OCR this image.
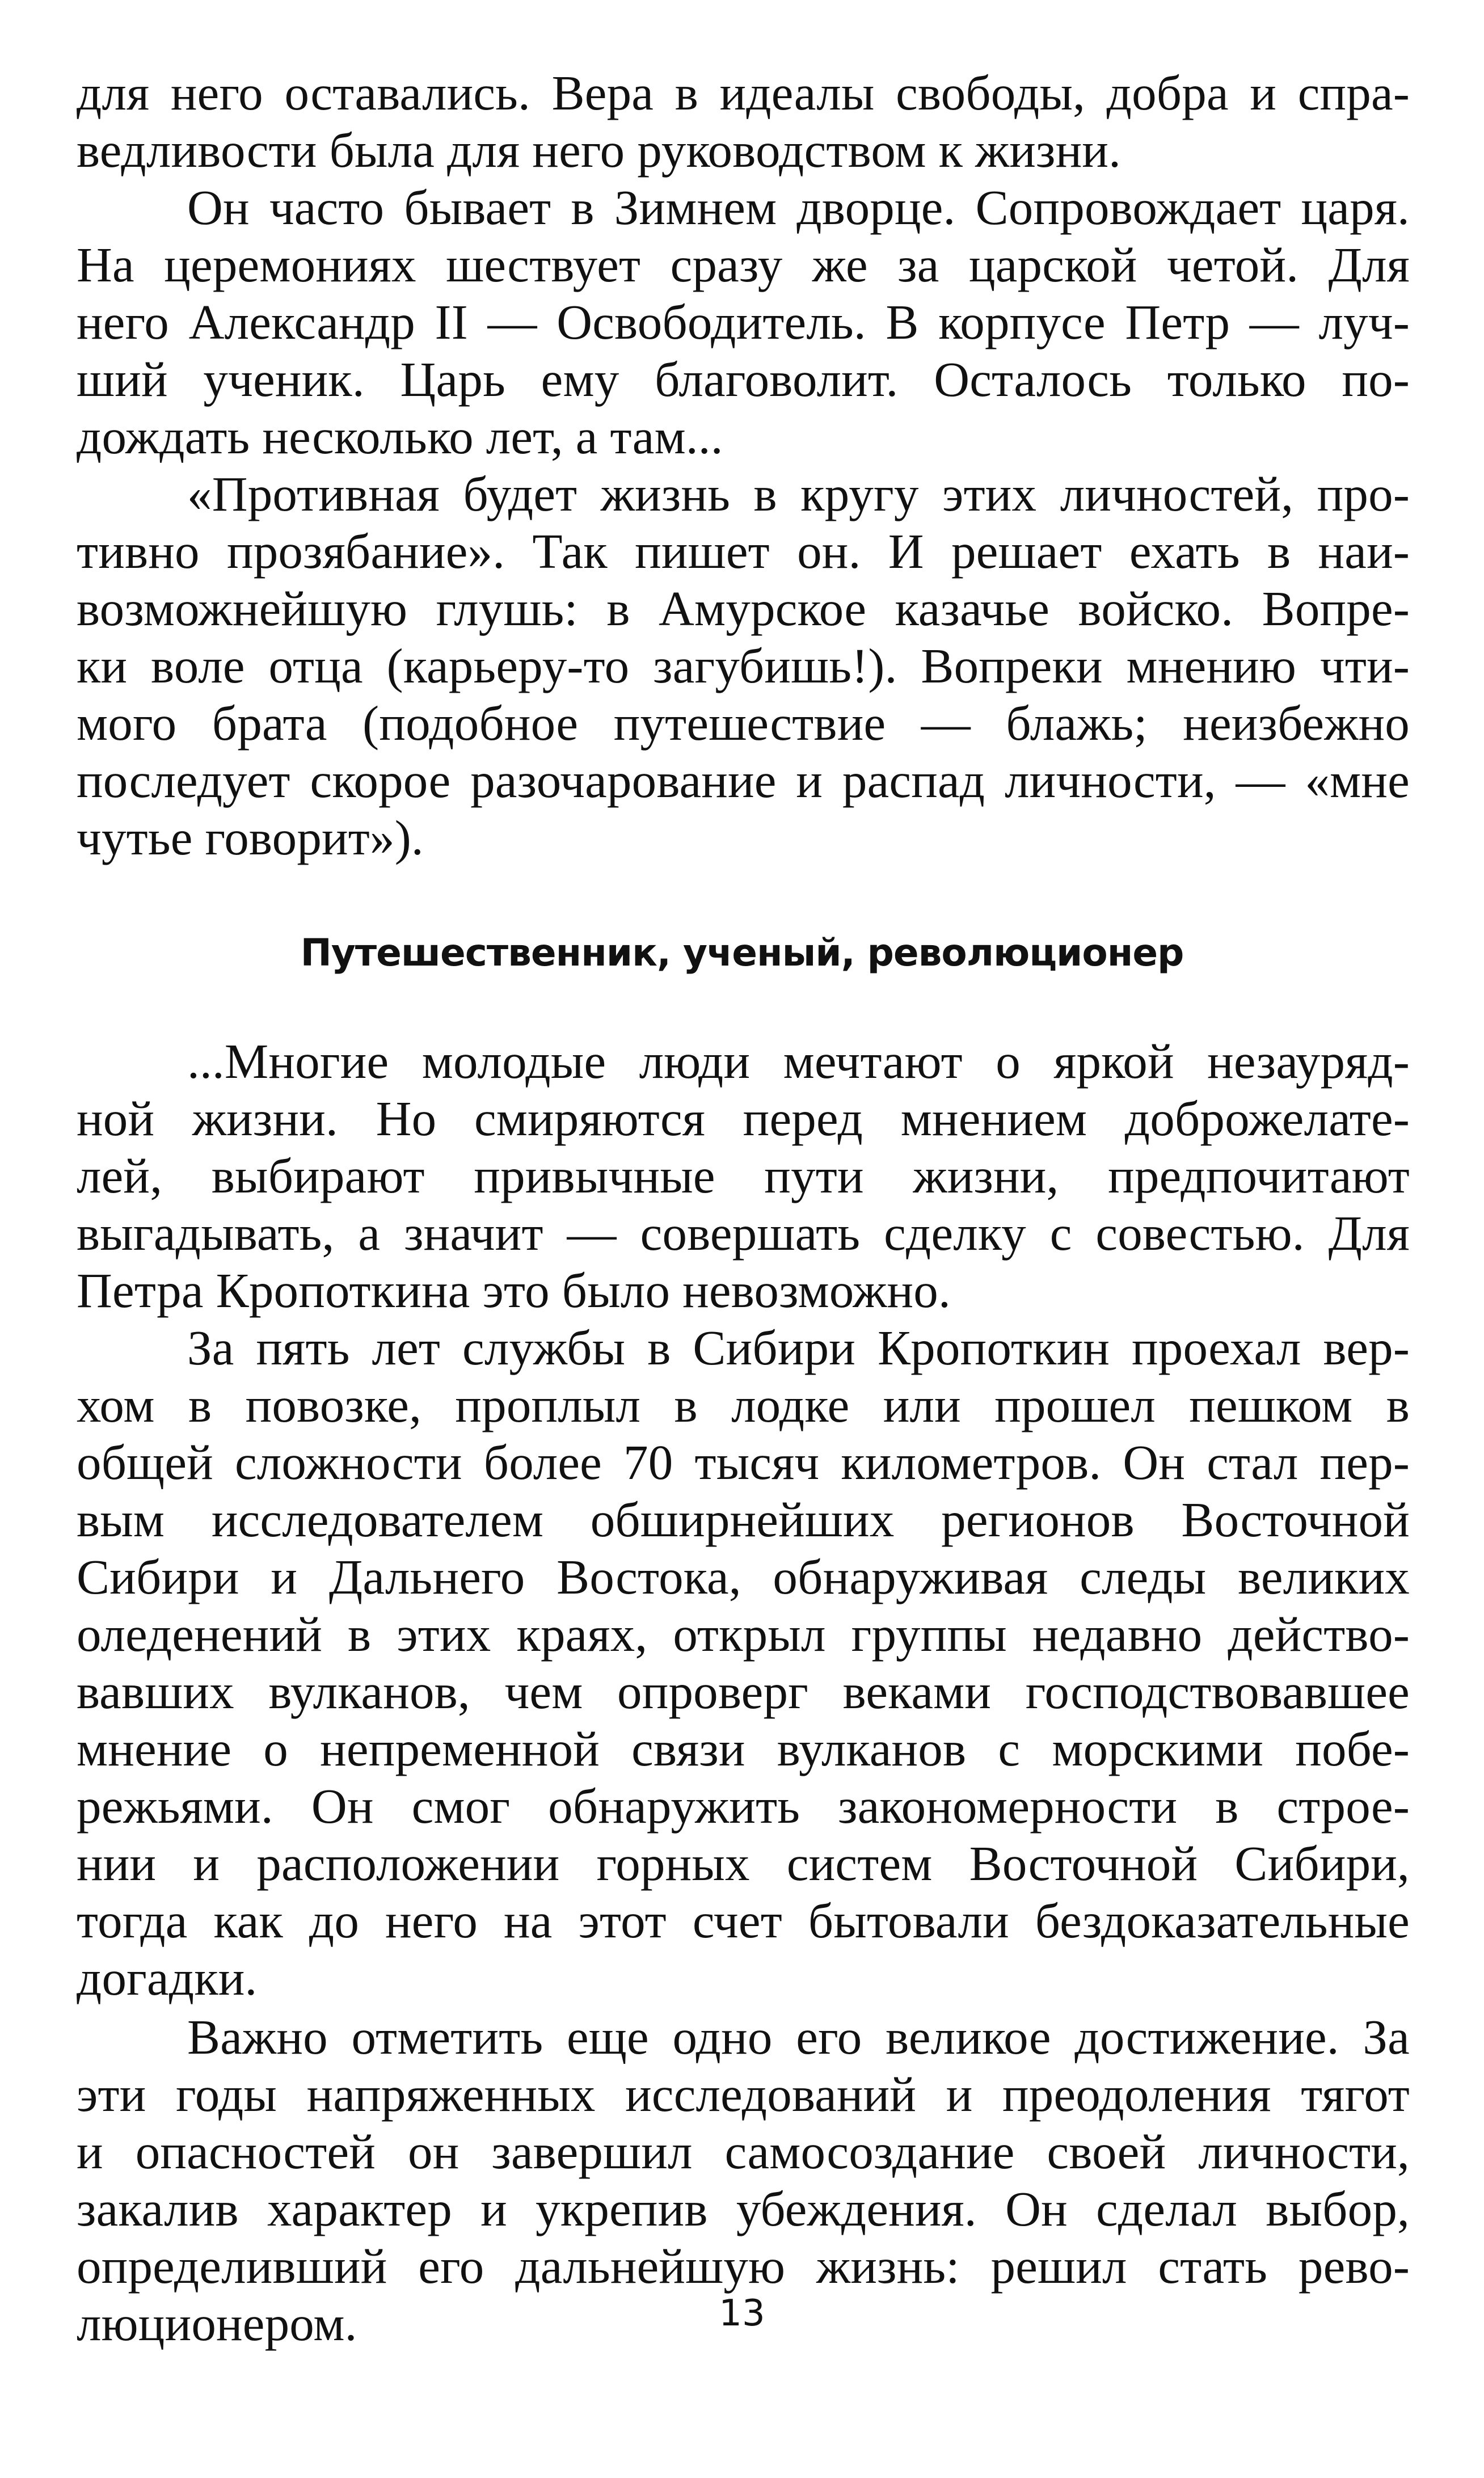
для него оставались. Вера в идеалы свободы, добра и спра-
ведливости была для него руководством к жизни.
Он часто бывает в Зимнем дворце. Сопровождает царя.
На церемониях шествует сразу же за царской четой. Для
него Александр II — Освободитель. В корпусе Петр — луч-
ший ученик. Царь ему благоволит. Осталось только по-
дождать несколько лет, а там...
«Противная будет жизнь в кругу этих личностей, про-
тивно прозябание». Так пишет он. И решает ехать в наи-
возможнейшую глушь: в Амурское казачье войско. Вопре-
ки воле отца (карьеру-то загубишь!). Вопреки мнению чти-
мого брата (подобное путешествие — блажь; неизбежно
последует скорое разочарование и распад личности, — «мне
чутье говорит»).
Путешественник, ученый, революционер
...Многие молодые люди мечтают о яркой незауряд-
ной жизни. Но смиряются перед мнением доброжелате-
лей, выбирают привычные пути жизни, предпочитают
выгадывать, а значит — совершать сделку с совестью. Для
Петра Кропоткина это было невозможно.
За пять лет службы в Сибири Кропоткин проехал вер-
хом в повозке, проплыл в лодке или прошел пешком в
общей сложности более 70 тысяч километров. Он стал пер-
вым исследователем обширнейших регионов Восточной
Сибири и Дальнего Востока, обнаруживая следы великих
оледенений в этих краях, открыл группы недавно действо-
вавших вулканов, чем опроверг веками господствовавшее
мнение о непременной связи вулканов с морскими побе-
режьями. Он смог обнаружить закономерности в строе-
нии и расположении горных систем Восточной Сибири,
тогда как до него на этот счет бытовали бездоказательные
догадки.
Важно отметить еще одно его великое достижение. За
эти годы напряженных исследований и преодоления тягот
и опасностей он завершил самосоздание своей личности,
закалив характер и укрепив убеждения. Он сделал выбор,
определивший его дальнейшую жизнь: решил стать рево-
люционером.	13
